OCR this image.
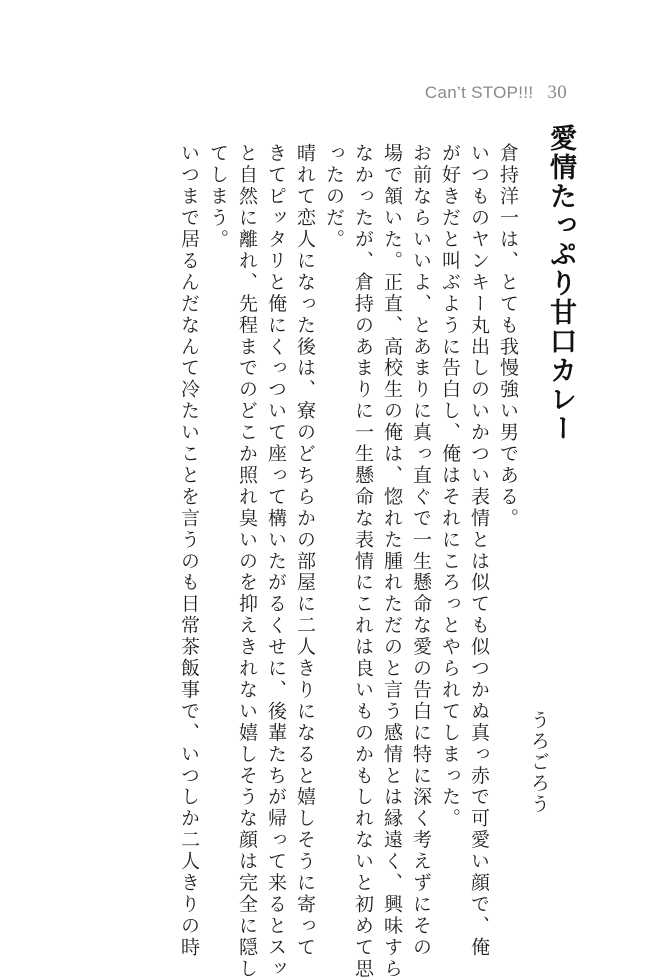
Can’t STOP!!! 30
愛情たっぷり甘口カレー
うろごろう

倉持洋一は、とても我慢強い男である。

いつものヤンキー丸出しのいかつい表情とは似ても似つかぬ真っ赤で可愛い顔で、俺

が好きだと叫ぶように告白し、俺はそれにころっとやられてしまった。

お前ならいいよ、とあまりに真っ直ぐで一生懸命な愛の告白に特に深く考えずにその

場で頷いた。正直、高校生の俺は、惚れた腫れただのと言う感情とは縁遠く、興味すら

なかったが、倉持のあまりに一生懸命な表情にこれは良いものかもしれないと初めて思

ったのだ。

晴れて恋人になった後は、寮のどちらかの部屋に二人きりになると嬉しそうに寄って

きてピッタリと俺にくっついて座って構いたがるくせに、後輩たちが帰って来るとスッ

と自然に離れ、先程までのどこか照れ臭いのを抑えきれない嬉しそうな顔は完全に隠し

てしまう。

いつまで居るんだなんて冷たいことを言うのも日常茶飯事で、いつしか二人きりの時
